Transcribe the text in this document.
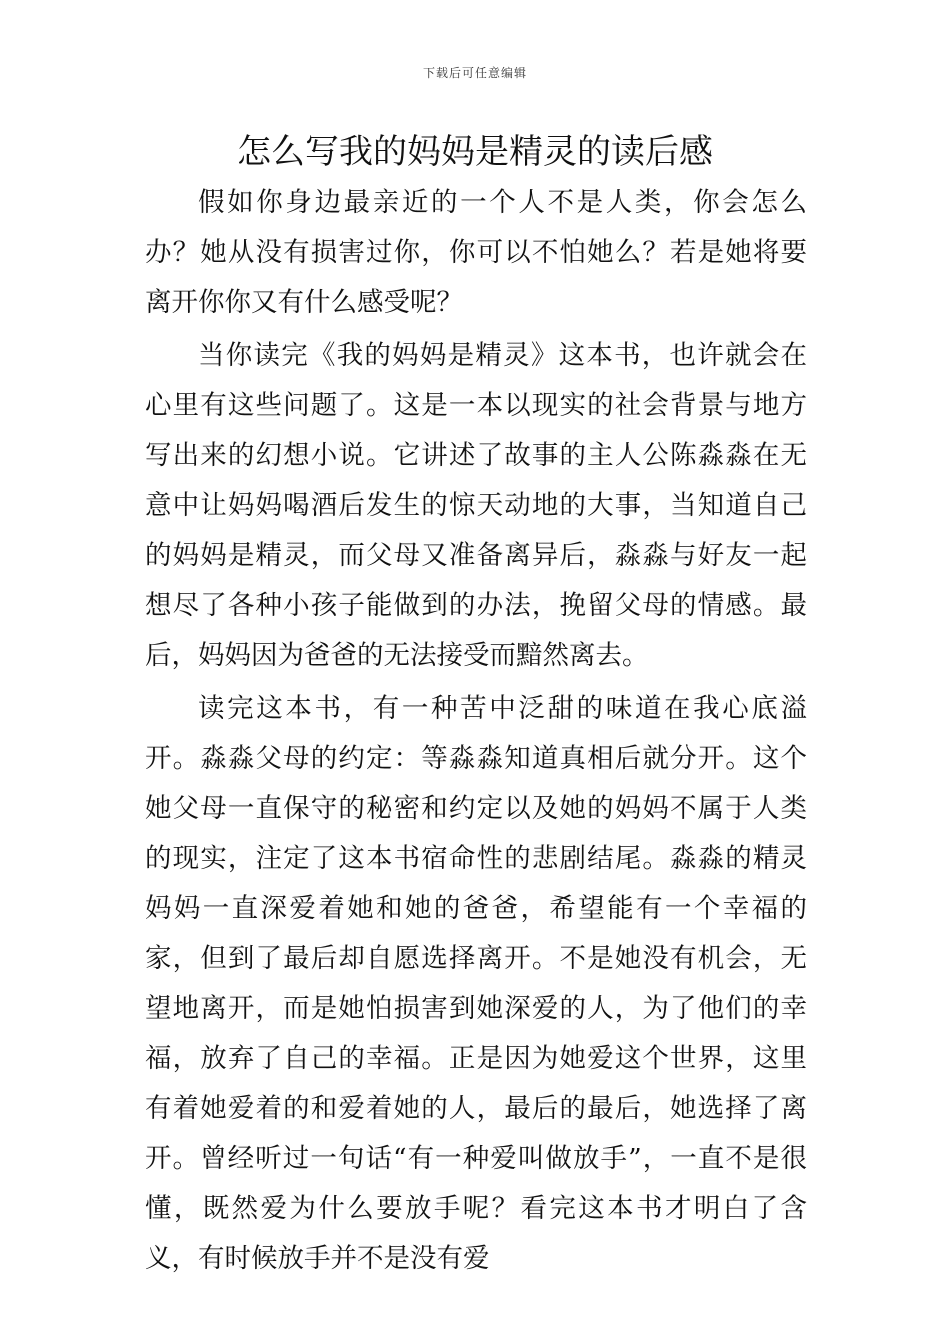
下载后可任意编辑
怎么写我的妈妈是精灵的读后感

假如你身边最亲近的一个人不是人类，你会怎么办？她从没有损害过你，你可以不怕她么？若是她将要离开你你又有什么感受呢？

当你读完《我的妈妈是精灵》这本书，也许就会在心里有这些问题了。这是一本以现实的社会背景与地方写出来的幻想小说。它讲述了故事的主人公陈淼淼在无意中让妈妈喝酒后发生的惊天动地的大事，当知道自己的妈妈是精灵，而父母又准备离异后，淼淼与好友一起想尽了各种小孩子能做到的办法，挽留父母的情感。最后，妈妈因为爸爸的无法接受而黯然离去。

读完这本书，有一种苦中泛甜的味道在我心底溢开。淼淼父母的约定：等淼淼知道真相后就分开。这个她父母一直保守的秘密和约定以及她的妈妈不属于人类的现实，注定了这本书宿命性的悲剧结尾。淼淼的精灵妈妈一直深爱着她和她的爸爸，希望能有一个幸福的家，但到了最后却自愿选择离开。不是她没有机会，无望地离开，而是她怕损害到她深爱的人，为了他们的幸福，放弃了自己的幸福。正是因为她爱这个世界，这里有着她爱着的和爱着她的人，最后的最后，她选择了离开。曾经听过一句话“有一种爱叫做放手”，一直不是很懂，既然爱为什么要放手呢？看完这本书才明白了含义，有时候放手并不是没有爱
